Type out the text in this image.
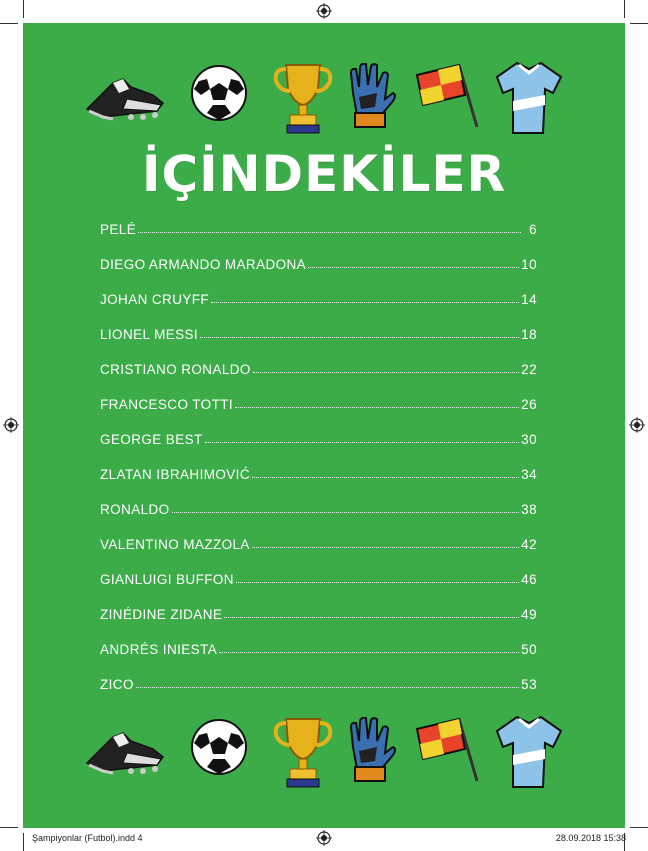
İÇİNDEKİLER
PELÉ	6
DIEGO ARMANDO MARADONA	10
JOHAN CRUYFF	14
LIONEL MESSI	18
CRISTIANO RONALDO	22
FRANCESCO TOTTI	26
GEORGE BEST	30
ZLATAN IBRAHIMOVIĆ	34
RONALDO	38
VALENTINO MAZZOLA	42
GIANLUIGI BUFFON	46
ZINÉDINE ZIDANE	49
ANDRÉS INIESTA	50
ZICO	53
Şampiyonlar (Futbol).indd 4	28.09.2018 15:38
